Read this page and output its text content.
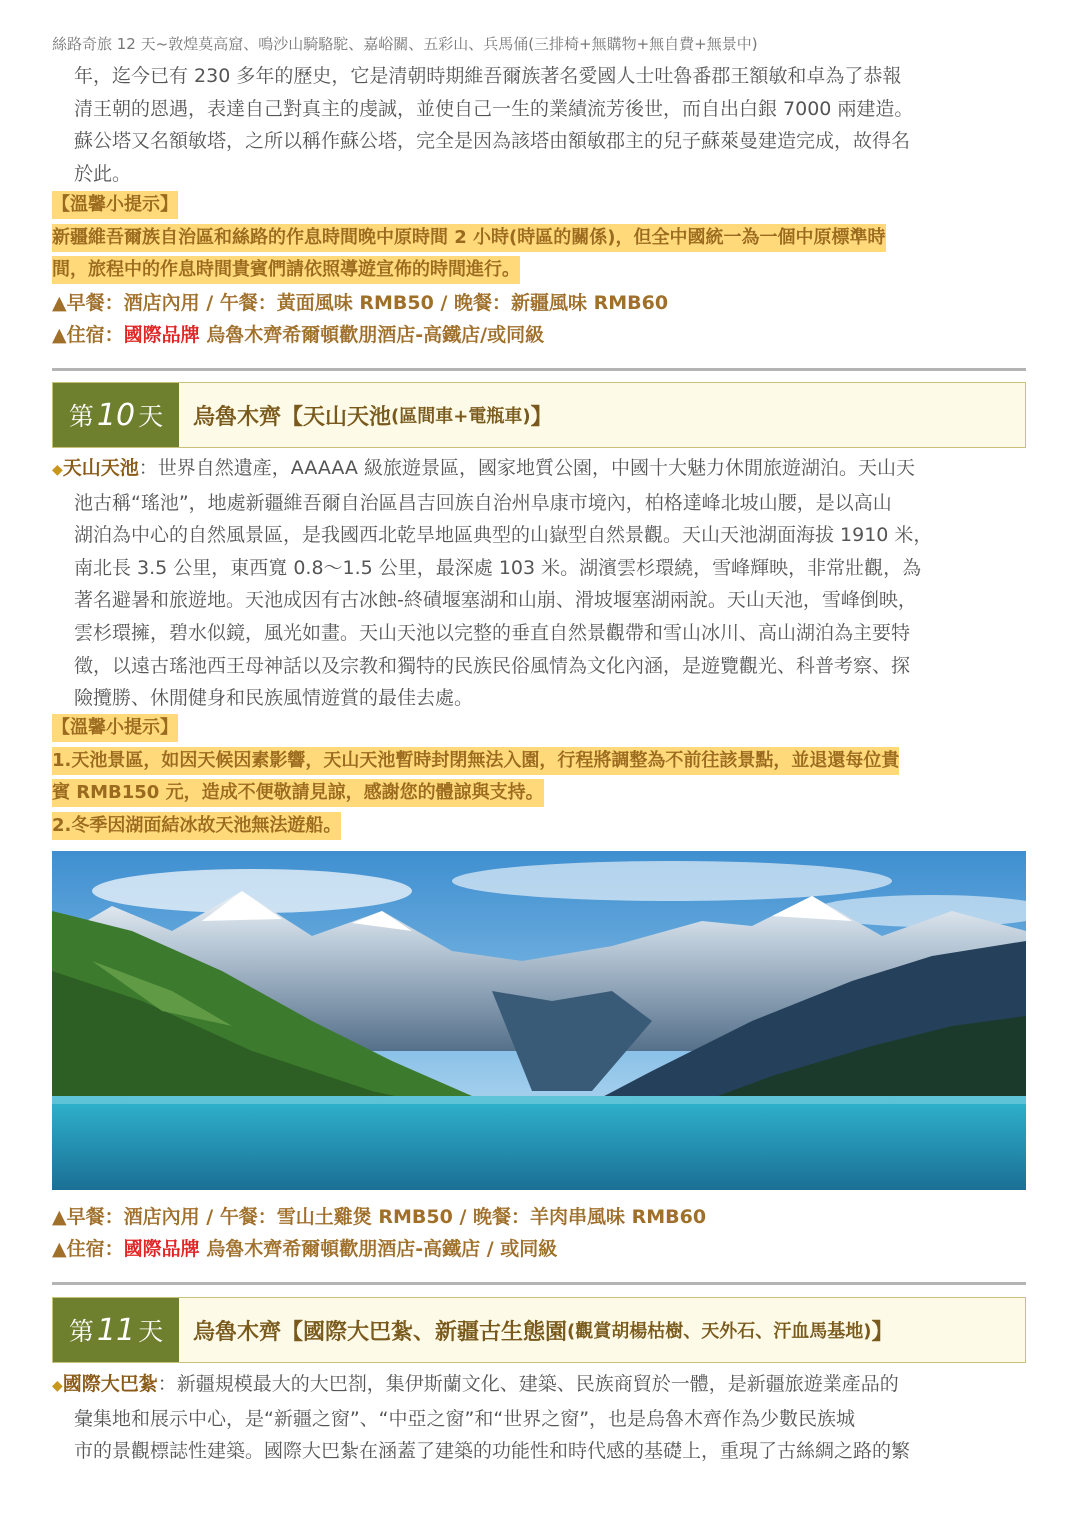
絲路奇旅 12 天~敦煌莫高窟、鳴沙山騎駱駝、嘉峪關、五彩山、兵馬俑(三排椅+無購物+無自費+無景中)
年，迄今已有 230 多年的歷史，它是清朝時期維吾爾族著名愛國人士吐魯番郡王額敏和卓為了恭報
清王朝的恩遇，表達自己對真主的虔誠，並使自己一生的業績流芳後世，而自出白銀 7000 兩建造。
蘇公塔又名額敏塔，之所以稱作蘇公塔，完全是因為該塔由額敏郡主的兒子蘇萊曼建造完成，故得名
於此。
【溫馨小提示】
新疆維吾爾族自治區和絲路的作息時間晚中原時間 2 小時(時區的關係)，但全中國統一為一個中原標準時
間，旅程中的作息時間貴賓們請依照導遊宣佈的時間進行。
▲早餐：酒店內用 / 午餐：黃面風味 RMB50 / 晚餐：新疆風味 RMB60
▲住宿：國際品牌 烏魯木齊希爾頓歡朋酒店-高鐵店/或同級
第 10 天 烏魯木齊【天山天池 (區間車+電瓶車) 】
◆天山天池：世界自然遺產，AAAAA 級旅遊景區，國家地質公園，中國十大魅力休閒旅遊湖泊。天山天
池古稱“瑤池”，地處新疆維吾爾自治區昌吉回族自治州阜康市境內，柏格達峰北坡山腰，是以高山
湖泊為中心的自然風景區，是我國西北乾旱地區典型的山嶽型自然景觀。天山天池湖面海拔 1910 米，
南北長 3.5 公里，東西寬 0.8～1.5 公里，最深處 103 米。湖濱雲杉環繞，雪峰輝映，非常壯觀，為
著名避暑和旅遊地。天池成因有古冰蝕-終磧堰塞湖和山崩、滑坡堰塞湖兩說。天山天池，雪峰倒映，
雲杉環擁，碧水似鏡，風光如畫。天山天池以完整的垂直自然景觀帶和雪山冰川、高山湖泊為主要特
徵，以遠古瑤池西王母神話以及宗教和獨特的民族民俗風情為文化內涵，是遊覽觀光、科普考察、探
險攬勝、休閒健身和民族風情遊賞的最佳去處。
【溫馨小提示】
1.天池景區，如因天候因素影響，天山天池暫時封閉無法入園，行程將調整為不前往該景點，並退還每位貴
賓 RMB150 元，造成不便敬請見諒，感謝您的體諒與支持。
2.冬季因湖面結冰故天池無法遊船。
▲早餐：酒店內用 / 午餐：雪山土雞煲 RMB50 / 晚餐：羊肉串風味 RMB60
▲住宿：國際品牌 烏魯木齊希爾頓歡朋酒店-高鐵店 / 或同級
第 11 天 烏魯木齊【國際大巴紮、新疆古生態園 (觀賞胡楊枯樹、天外石、汗血馬基地) 】
◆國際大巴紮：新疆規模最大的大巴剳，集伊斯蘭文化、建築、民族商貿於一體，是新疆旅遊業產品的
彙集地和展示中心，是“新疆之窗”、“中亞之窗”和“世界之窗”，也是烏魯木齊作為少數民族城
市的景觀標誌性建築。國際大巴紮在涵蓋了建築的功能性和時代感的基礎上，重現了古絲綢之路的繁
